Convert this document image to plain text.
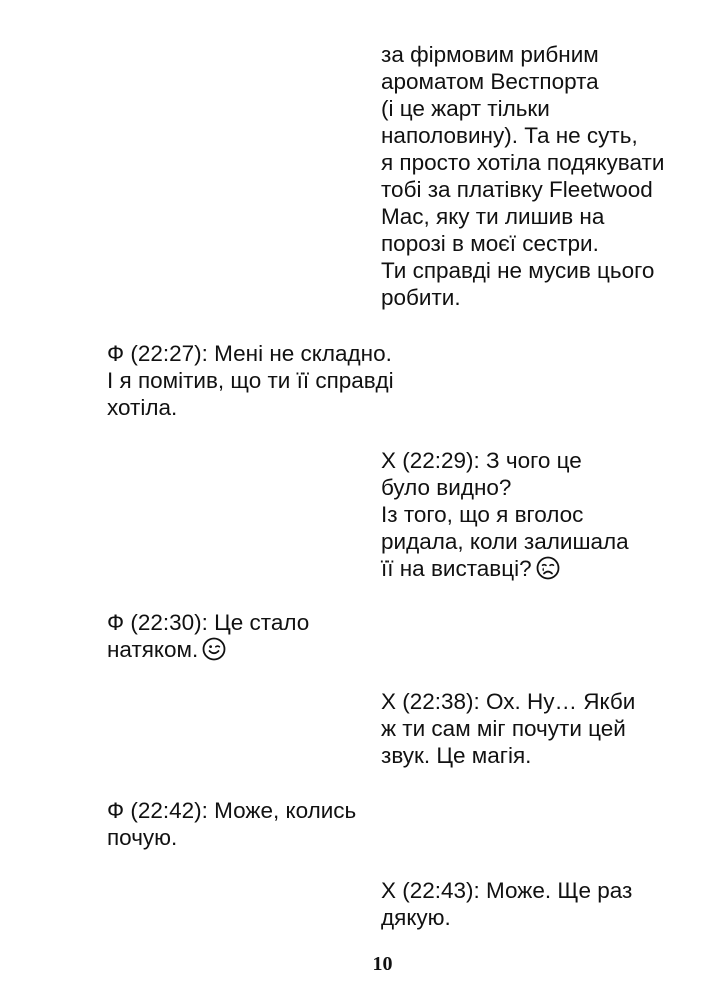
за фірмовим рибним
ароматом Вестпорта
(і це жарт тільки
наполовину). Та не суть,
я просто хотіла подякувати
тобі за платівку Fleetwood
Mac, яку ти лишив на
порозі в моєї сестри.
Ти справді не мусив цього
робити.
Ф (22:27): Мені не складно.
І я помітив, що ти її справді
хотіла.
Х (22:29): З чого це
було видно?
Із того, що я вголос
ридала, коли залишала
її на виставці?
Ф (22:30): Це стало
натяком.
Х (22:38): Ох. Ну… Якби
ж ти сам міг почути цей
звук. Це магія.
Ф (22:42): Може, колись
почую.
Х (22:43): Може. Ще раз
дякую.
10
